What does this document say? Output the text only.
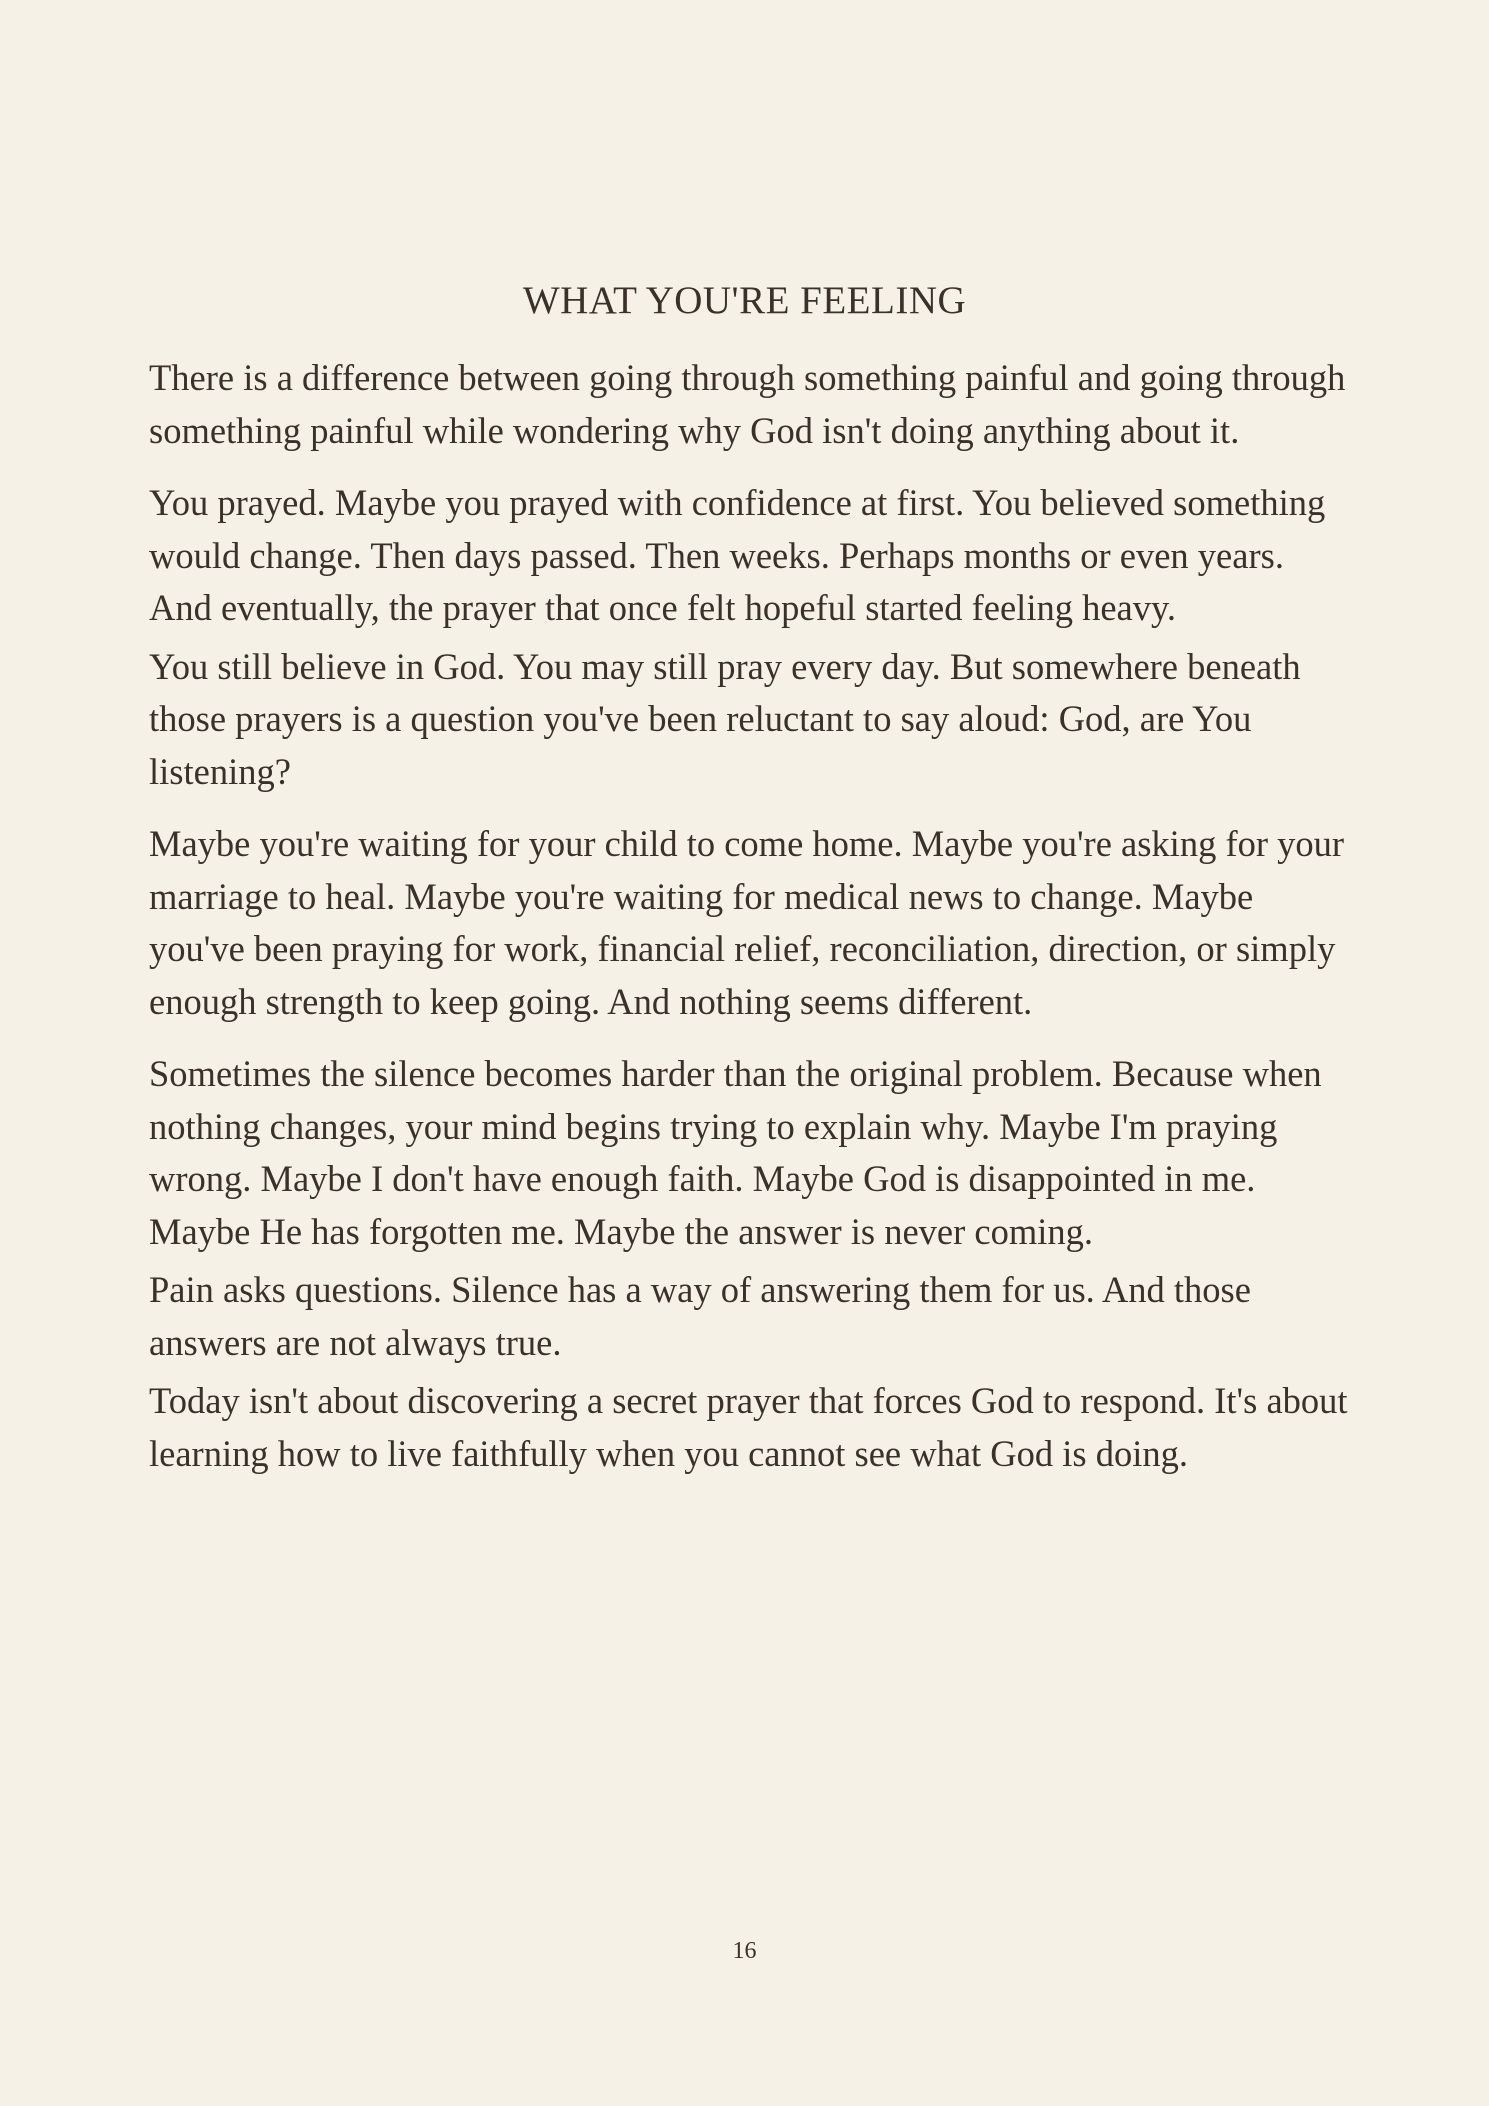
WHAT YOU'RE FEELING

There is a difference between going through something painful and going through something painful while wondering why God isn't doing anything about it.

You prayed. Maybe you prayed with confidence at first. You believed something would change. Then days passed. Then weeks. Perhaps months or even years. And eventually, the prayer that once felt hopeful started feeling heavy.

You still believe in God. You may still pray every day. But somewhere beneath those prayers is a question you've been reluctant to say aloud: God, are You listening?

Maybe you're waiting for your child to come home. Maybe you're asking for your marriage to heal. Maybe you're waiting for medical news to change. Maybe you've been praying for work, financial relief, reconciliation, direction, or simply enough strength to keep going. And nothing seems different.

Sometimes the silence becomes harder than the original problem. Because when nothing changes, your mind begins trying to explain why. Maybe I'm praying wrong. Maybe I don't have enough faith. Maybe God is disappointed in me. Maybe He has forgotten me. Maybe the answer is never coming.

Pain asks questions. Silence has a way of answering them for us. And those answers are not always true.

Today isn't about discovering a secret prayer that forces God to respond. It's about learning how to live faithfully when you cannot see what God is doing.

16
